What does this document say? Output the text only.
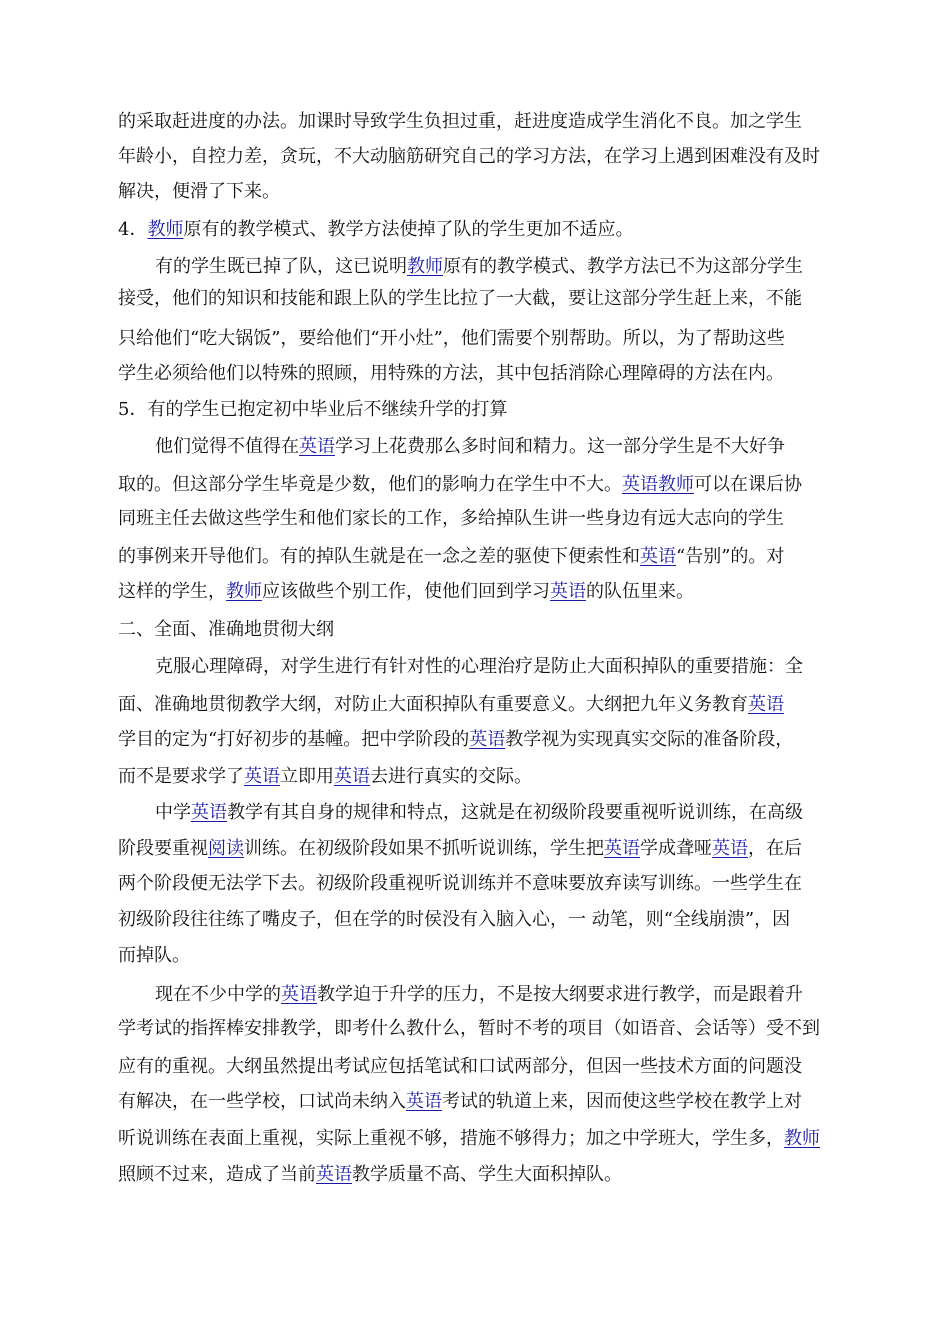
的采取赶进度的办法。加课时导致学生负担过重，赶进度造成学生消化不良。加之学生
年龄小，自控力差，贪玩，不大动脑筋研究自己的学习方法，在学习上遇到困难没有及时
解决，便滑了下来。
4．教师原有的教学模式、教学方法使掉了队的学生更加不适应。
有的学生既已掉了队，这已说明教师原有的教学模式、教学方法已不为这部分学生
接受，他们的知识和技能和跟上队的学生比拉了一大截，要让这部分学生赶上来，不能
只给他们“吃大锅饭”，要给他们“开小灶”，他们需要个别帮助。所以，为了帮助这些
学生必须给他们以特殊的照顾，用特殊的方法，其中包括消除心理障碍的方法在内。
5．有的学生已抱定初中毕业后不继续升学的打算
他们觉得不值得在英语学习上花费那么多时间和精力。这一部分学生是不大好争
取的。但这部分学生毕竟是少数，他们的影响力在学生中不大。英语教师可以在课后协
同班主任去做这些学生和他们家长的工作，多给掉队生讲一些身边有远大志向的学生
的事例来开导他们。有的掉队生就是在一念之差的驱使下便索性和英语“告别”的。对
这样的学生，教师应该做些个别工作，使他们回到学习英语的队伍里来。
二、全面、准确地贯彻大纲
克服心理障碍，对学生进行有针对性的心理治疗是防止大面积掉队的重要措施：全
面、准确地贯彻教学大纲，对防止大面积掉队有重要意义。大纲把九年义务教育英语
学目的定为“打好初步的基幢。把中学阶段的英语教学视为实现真实交际的准备阶段，
而不是要求学了英语立即用英语去进行真实的交际。
中学英语教学有其自身的规律和特点，这就是在初级阶段要重视听说训练，在高级
阶段要重视阅读训练。在初级阶段如果不抓听说训练，学生把英语学成聋哑英语，在后
两个阶段便无法学下去。初级阶段重视听说训练并不意味要放弃读写训练。一些学生在
初级阶段往往练了嘴皮子，但在学的时侯没有入脑入心，一 动笔，则“全线崩溃”，因
而掉队。
现在不少中学的英语教学迫于升学的压力，不是按大纲要求进行教学，而是跟着升
学考试的指挥棒安排教学，即考什么教什么，暂时不考的项目（如语音、会话等）受不到
应有的重视。大纲虽然提出考试应包括笔试和口试两部分，但因一些技术方面的问题没
有解决，在一些学校，口试尚未纳入英语考试的轨道上来，因而使这些学校在教学上对
听说训练在表面上重视，实际上重视不够，措施不够得力；加之中学班大，学生多，教师
照顾不过来，造成了当前英语教学质量不高、学生大面积掉队。
